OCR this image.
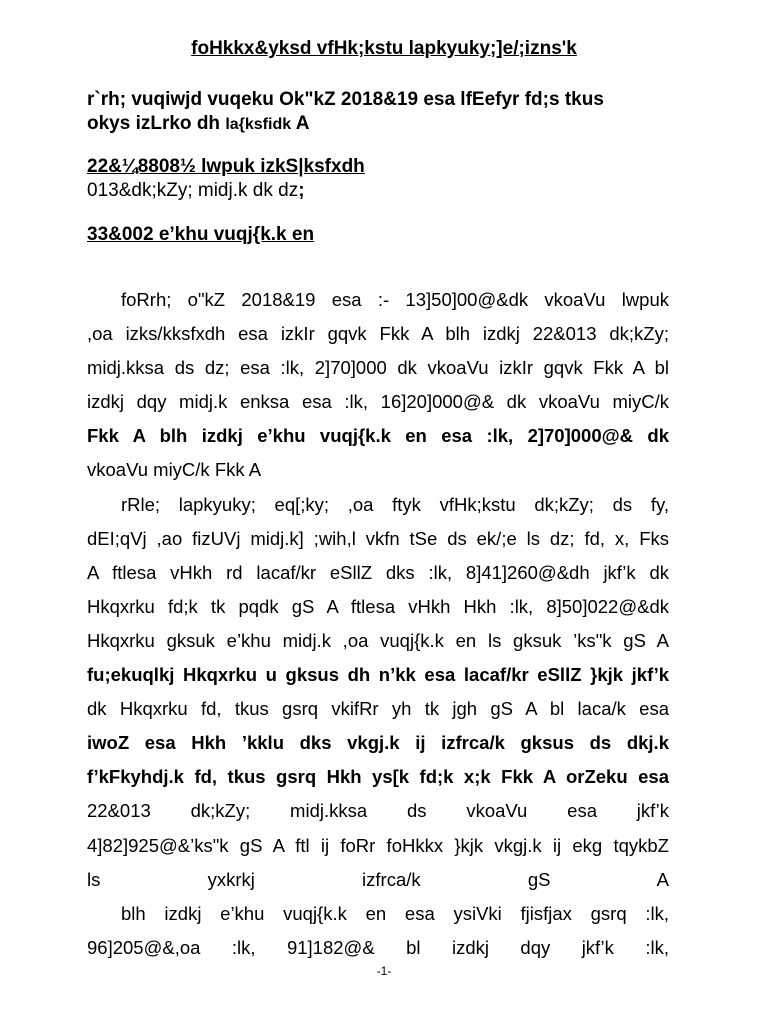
foHkkx&yksd vfHk;kstu lapkyuky;]e/;izns'k
r`rh; vuqiwjd vuqeku Ok"kZ 2018&19 esa lfEefyr fd;s tkus
okys izLrko dh la{ksfidk A
22&¼8808½ lwpuk izkS|ksfxdh
013&dk;kZy; midj.k dk dz;
33&002 e’khu vuqj{k.k en
foRrh; o"kZ 2018&19 esa :- 13]50]00@&dk vkoaVu lwpuk
,oa izks/kksfxdh esa izkIr gqvk Fkk A blh izdkj 22&013 dk;kZy;
midj.kksa ds dz; esa :lk, 2]70]000 dk vkoaVu izkIr gqvk Fkk A bl
izdkj dqy midj.k enksa esa :lk, 16]20]000@& dk vkoaVu miyC/k
Fkk A blh izdkj e’khu vuqj{k.k en esa :lk, 2]70]000@& dk
vkoaVu miyC/k Fkk A
rRle; lapkyuky; eq[;ky; ,oa ftyk vfHk;kstu dk;kZy; ds fy,
dEI;qVj ,ao fizUVj midj.k] ;wih,l vkfn tSe ds ek/;e ls dz; fd, x, Fks
A ftlesa vHkh rd lacaf/kr eSllZ dks :lk, 8]41]260@&dh jkf’k dk
Hkqxrku fd;k tk pqdk gS A ftlesa vHkh Hkh :lk, 8]50]022@&dk
Hkqxrku gksuk e’khu midj.k ,oa vuqj{k.k en ls gksuk ’ks"k gS A
fu;ekuqlkj Hkqxrku u gksus dh n’kk esa lacaf/kr eSllZ }kjk jkf’k
dk Hkqxrku fd, tkus gsrq vkifRr yh tk jgh gS A bl laca/k esa
iwoZ esa Hkh ’kklu dks vkgj.k ij izfrca/k gksus ds dkj.k
f’kFkyhdj.k fd, tkus gsrq Hkh ys[k fd;k x;k Fkk A orZeku esa
22&013 dk;kZy; midj.kksa ds vkoaVu esa jkf’k
4]82]925@&’ks"k gS A ftl ij foRr foHkkx }kjk vkgj.k ij ekg tqykbZ
ls yxkrkj izfrca/k gS A
blh izdkj e’khu vuqj{k.k en esa ysiVki fjisfjax gsrq :lk,
96]205@&,oa :lk, 91]182@& bl izdkj dqy jkf’k :lk,
-1-
